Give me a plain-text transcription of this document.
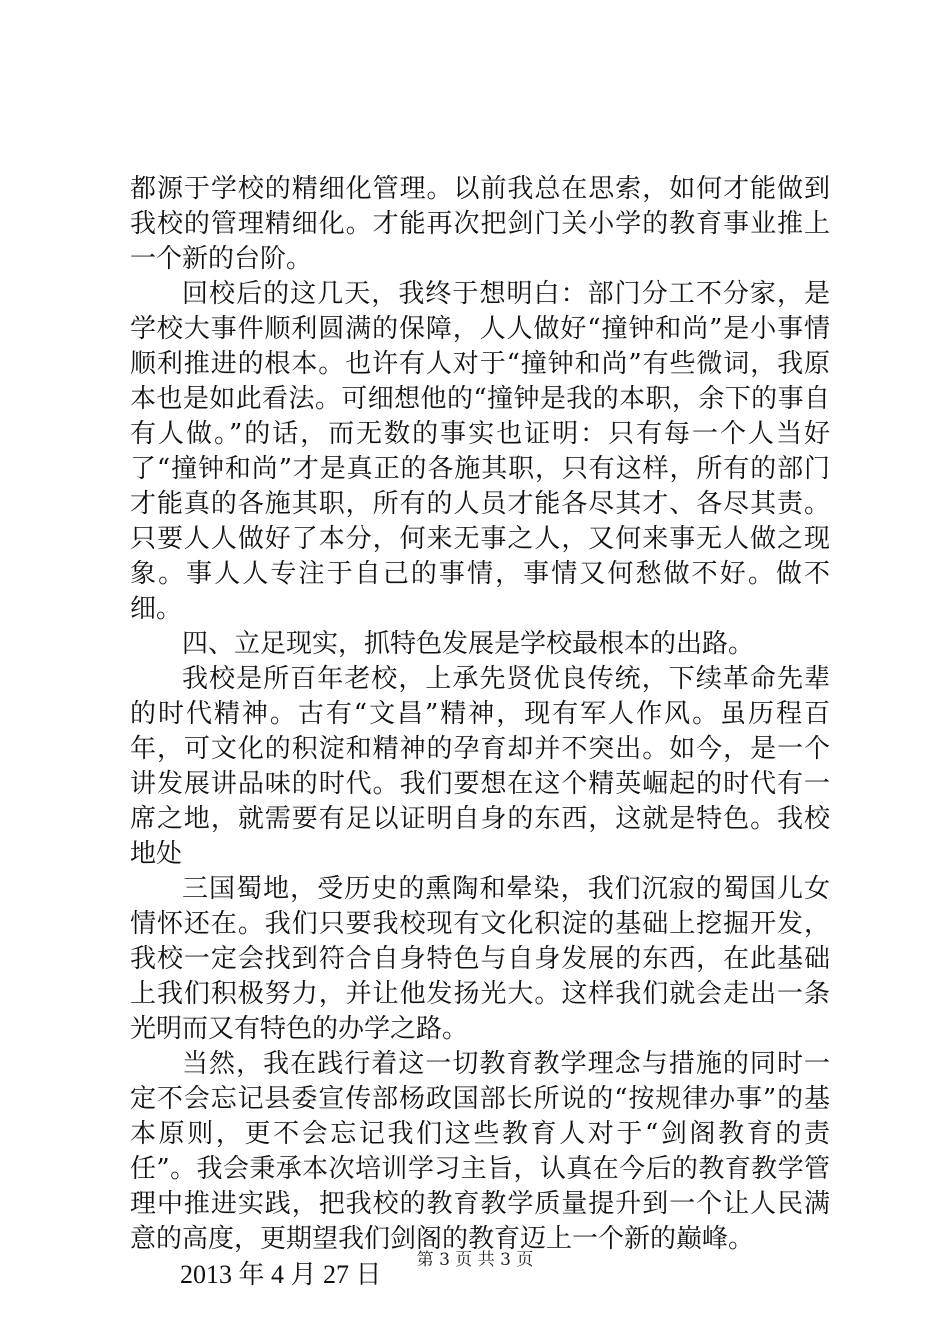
都源于学校的精细化管理。以前我总在思索，如何才能做到我校的管理精细化。才能再次把剑门关小学的教育事业推上一个新的台阶。

回校后的这几天，我终于想明白：部门分工不分家，是学校大事件顺利圆满的保障，人人做好“撞钟和尚”是小事情顺利推进的根本。也许有人对于“撞钟和尚”有些微词，我原本也是如此看法。可细想他的“撞钟是我的本职，余下的事自有人做。”的话，而无数的事实也证明：只有每一个人当好了“撞钟和尚”才是真正的各施其职，只有这样，所有的部门才能真的各施其职，所有的人员才能各尽其才、各尽其责。只要人人做好了本分，何来无事之人，又何来事无人做之现象。事人人专注于自己的事情，事情又何愁做不好。做不细。

四、立足现实，抓特色发展是学校最根本的出路。

我校是所百年老校，上承先贤优良传统，下续革命先辈的时代精神。古有“文昌”精神，现有军人作风。虽历程百年，可文化的积淀和精神的孕育却并不突出。如今，是一个讲发展讲品味的时代。我们要想在这个精英崛起的时代有一席之地，就需要有足以证明自身的东西，这就是特色。我校地处

三国蜀地，受历史的熏陶和晕染，我们沉寂的蜀国儿女情怀还在。我们只要我校现有文化积淀的基础上挖掘开发，我校一定会找到符合自身特色与自身发展的东西，在此基础上我们积极努力，并让他发扬光大。这样我们就会走出一条光明而又有特色的办学之路。

当然，我在践行着这一切教育教学理念与措施的同时一定不会忘记县委宣传部杨政国部长所说的“按规律办事”的基本原则，更不会忘记我们这些教育人对于“剑阁教育的责任”。我会秉承本次培训学习主旨，认真在今后的教育教学管理中推进实践，把我校的教育教学质量提升到一个让人民满意的高度，更期望我们剑阁的教育迈上一个新的巅峰。

2013 年 4 月 27 日	第 3 页 共 3 页
